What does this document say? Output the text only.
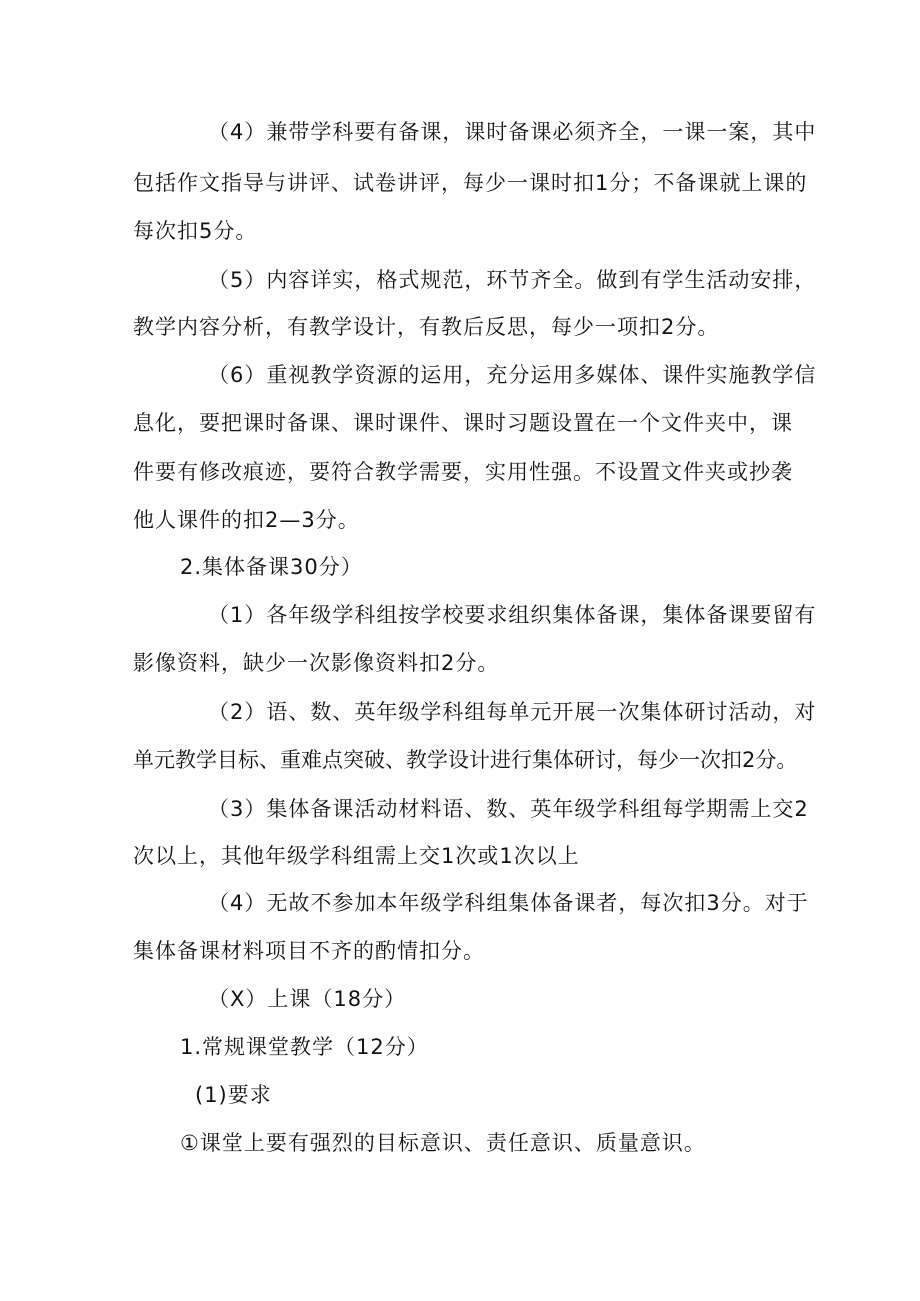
（4）兼带学科要有备课，课时备课必须齐全，一课一案，其中
包括作文指导与讲评、试卷讲评，每少一课时扣1分；不备课就上课的
每次扣5分。
（5）内容详实，格式规范，环节齐全。做到有学生活动安排，
教学内容分析，有教学设计，有教后反思，每少一项扣2分。
（6）重视教学资源的运用，充分运用多媒体、课件实施教学信
息化，要把课时备课、课时课件、课时习题设置在一个文件夹中，课
件要有修改痕迹，要符合教学需要，实用性强。不设置文件夹或抄袭
他人课件的扣2—3分。
2.集体备课30分）
（1）各年级学科组按学校要求组织集体备课，集体备课要留有
影像资料，缺少一次影像资料扣2分。
（2）语、数、英年级学科组每单元开展一次集体研讨活动，对
单元教学目标、重难点突破、教学设计进行集体研讨，每少一次扣2分。
（3）集体备课活动材料语、数、英年级学科组每学期需上交2
次以上，其他年级学科组需上交1次或1次以上
（4）无故不参加本年级学科组集体备课者，每次扣3分。对于
集体备课材料项目不齐的酌情扣分。
（X）上课（18分）
1.常规课堂教学（12分）
(1)要求
①课堂上要有强烈的目标意识、责任意识、质量意识。
